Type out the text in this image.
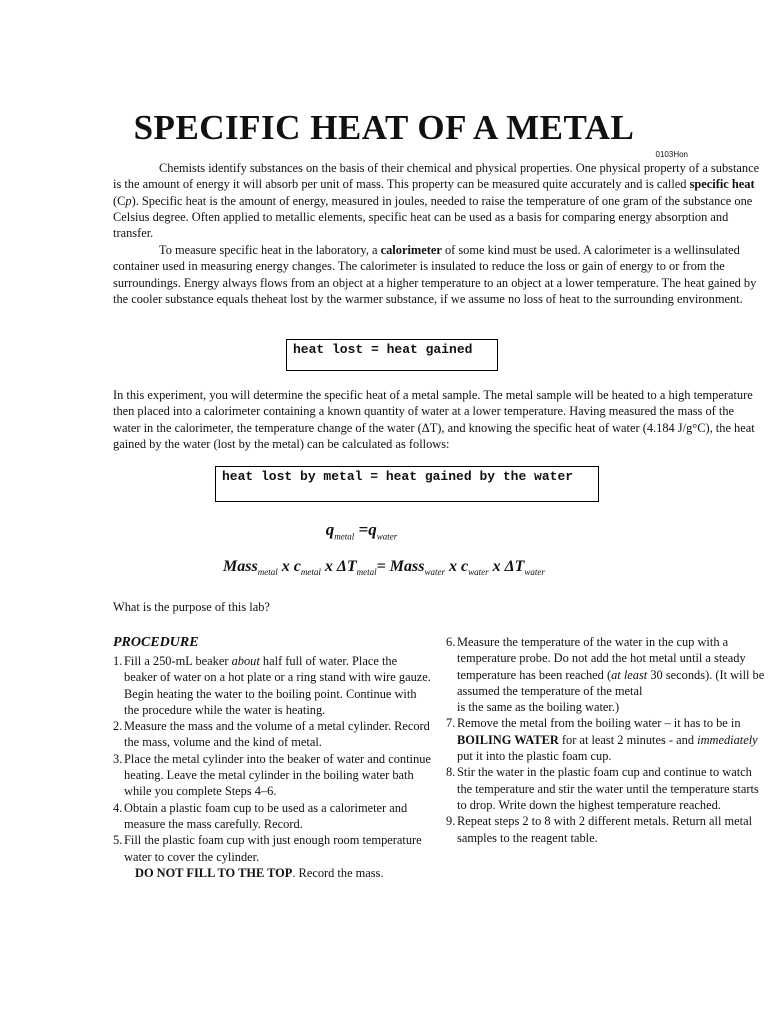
SPECIFIC HEAT OF A METAL
0103Hon
Chemists identify substances on the basis of their chemical and physical properties. One physical property of a substance is the amount of energy it will absorb per unit of mass. This property can be measured quite accurately and is called specific heat (Cp). Specific heat is the amount of energy, measured in joules, needed to raise the temperature of one gram of the substance one Celsius degree. Often applied to metallic elements, specific heat can be used as a basis for comparing energy absorption and transfer.
To measure specific heat in the laboratory, a calorimeter of some kind must be used. A calorimeter is a wellinsulated container used in measuring energy changes. The calorimeter is insulated to reduce the loss or gain of energy to or from the surroundings. Energy always flows from an object at a higher temperature to an object at a lower temperature. The heat gained by the cooler substance equals theheat lost by the warmer substance, if we assume no loss of heat to the surrounding environment.
heat lost = heat gained
In this experiment, you will determine the specific heat of a metal sample. The metal sample will be heated to a high temperature then placed into a calorimeter containing a known quantity of water at a lower temperature. Having measured the mass of the water in the calorimeter, the temperature change of the water (ΔT), and knowing the specific heat of water (4.184 J/g°C), the heat gained by the water (lost by the metal) can be calculated as follows:
heat lost by metal = heat gained by the water
$q_{metal} =q_{water}$
Mass$_{metal}$ x $c_{metal}$ x $\Delta T_{metal}=$ Mass$_{water}$ x $c_{water}$ x $\Delta T_{water}$
What is the purpose of this lab?
PROCEDURE
1. Fill a 250-mL beaker about half full of water. Place the beaker of water on a hot plate or a ring stand with wire gauze. Begin heating the water to the boiling point. Continue with the procedure while the water is heating.
2. Measure the mass and the volume of a metal cylinder. Record the mass, volume and the kind of metal.
3. Place the metal cylinder into the beaker of water and continue heating. Leave the metal cylinder in the boiling water bath while you complete Steps 4–6.
4. Obtain a plastic foam cup to be used as a calorimeter and measure the mass carefully. Record.
5. Fill the plastic foam cup with just enough room temperature water to cover the cylinder.
DO NOT FILL TO THE TOP. Record the mass.
6. Measure the temperature of the water in the cup with a temperature probe. Do not add the hot metal until a steady temperature has been reached (at least 30 seconds). (It will be assumed the temperature of the metal
is the same as the boiling water.)
7. Remove the metal from the boiling water – it has to be in BOILING WATER for at least 2 minutes - and immediately put it into the plastic foam cup.
8. Stir the water in the plastic foam cup and continue to watch the temperature and stir the water until the temperature starts to drop. Write down the highest temperature reached.
9. Repeat steps 2 to 8 with 2 different metals. Return all metal samples to the reagent table.
